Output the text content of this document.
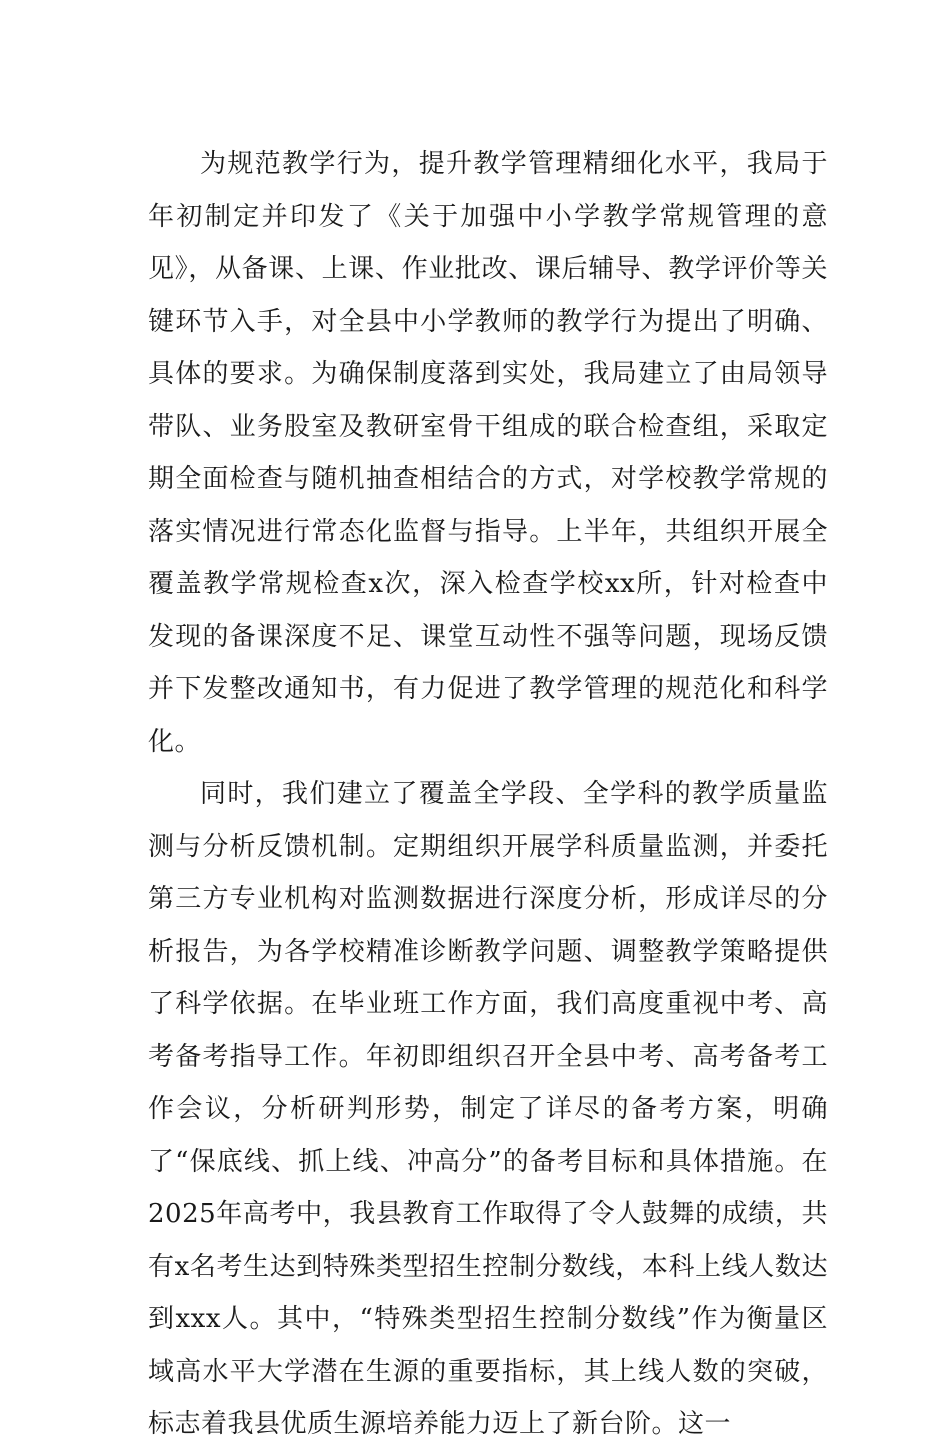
为规范教学行为，提升教学管理精细化水平，我局于年初制定并印发了《关于加强中小学教学常规管理的意见》，从备课、上课、作业批改、课后辅导、教学评价等关键环节入手，对全县中小学教师的教学行为提出了明确、具体的要求。为确保制度落到实处，我局建立了由局领导带队、业务股室及教研室骨干组成的联合检查组，采取定期全面检查与随机抽查相结合的方式，对学校教学常规的落实情况进行常态化监督与指导。上半年，共组织开展全覆盖教学常规检查x次，深入检查学校xx所，针对检查中发现的备课深度不足、课堂互动性不强等问题，现场反馈并下发整改通知书，有力促进了教学管理的规范化和科学化。

同时，我们建立了覆盖全学段、全学科的教学质量监测与分析反馈机制。定期组织开展学科质量监测，并委托第三方专业机构对监测数据进行深度分析，形成详尽的分析报告，为各学校精准诊断教学问题、调整教学策略提供了科学依据。在毕业班工作方面，我们高度重视中考、高考备考指导工作。年初即组织召开全县中考、高考备考工作会议，分析研判形势，制定了详尽的备考方案，明确了“保底线、抓上线、冲高分”的备考目标和具体措施。在2025年高考中，我县教育工作取得了令人鼓舞的成绩，共有x名考生达到特殊类型招生控制分数线，本科上线人数达到xxx人。其中，“特殊类型招生控制分数线”作为衡量区域高水平大学潜在生源的重要指标，其上线人数的突破，标志着我县优质生源培养能力迈上了新台阶。这一
